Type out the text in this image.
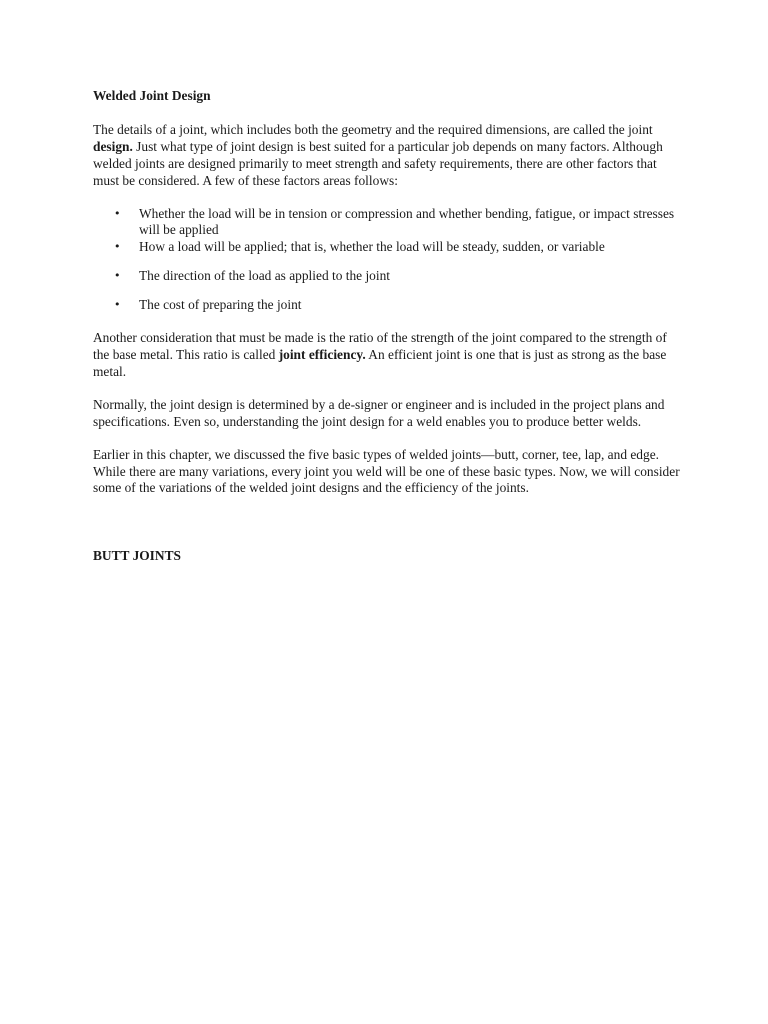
Welded Joint Design

The details of a joint, which includes both the geometry and the required dimensions, are called the joint design. Just what type of joint design is best suited for a particular job depends on many factors. Although welded joints are designed primarily to meet strength and safety requirements, there are other factors that must be considered. A few of these factors areas follows:

• Whether the load will be in tension or compression and whether bending, fatigue, or impact stresses will be applied
• How a load will be applied; that is, whether the load will be steady, sudden, or variable
• The direction of the load as applied to the joint
• The cost of preparing the joint

Another consideration that must be made is the ratio of the strength of the joint compared to the strength of the base metal. This ratio is called joint efficiency. An efficient joint is one that is just as strong as the base metal.

Normally, the joint design is determined by a de-signer or engineer and is included in the project plans and specifications. Even so, understanding the joint design for a weld enables you to produce better welds.

Earlier in this chapter, we discussed the five basic types of welded joints—butt, corner, tee, lap, and edge. While there are many variations, every joint you weld will be one of these basic types. Now, we will consider some of the variations of the welded joint designs and the efficiency of the joints.

BUTT JOINTS
